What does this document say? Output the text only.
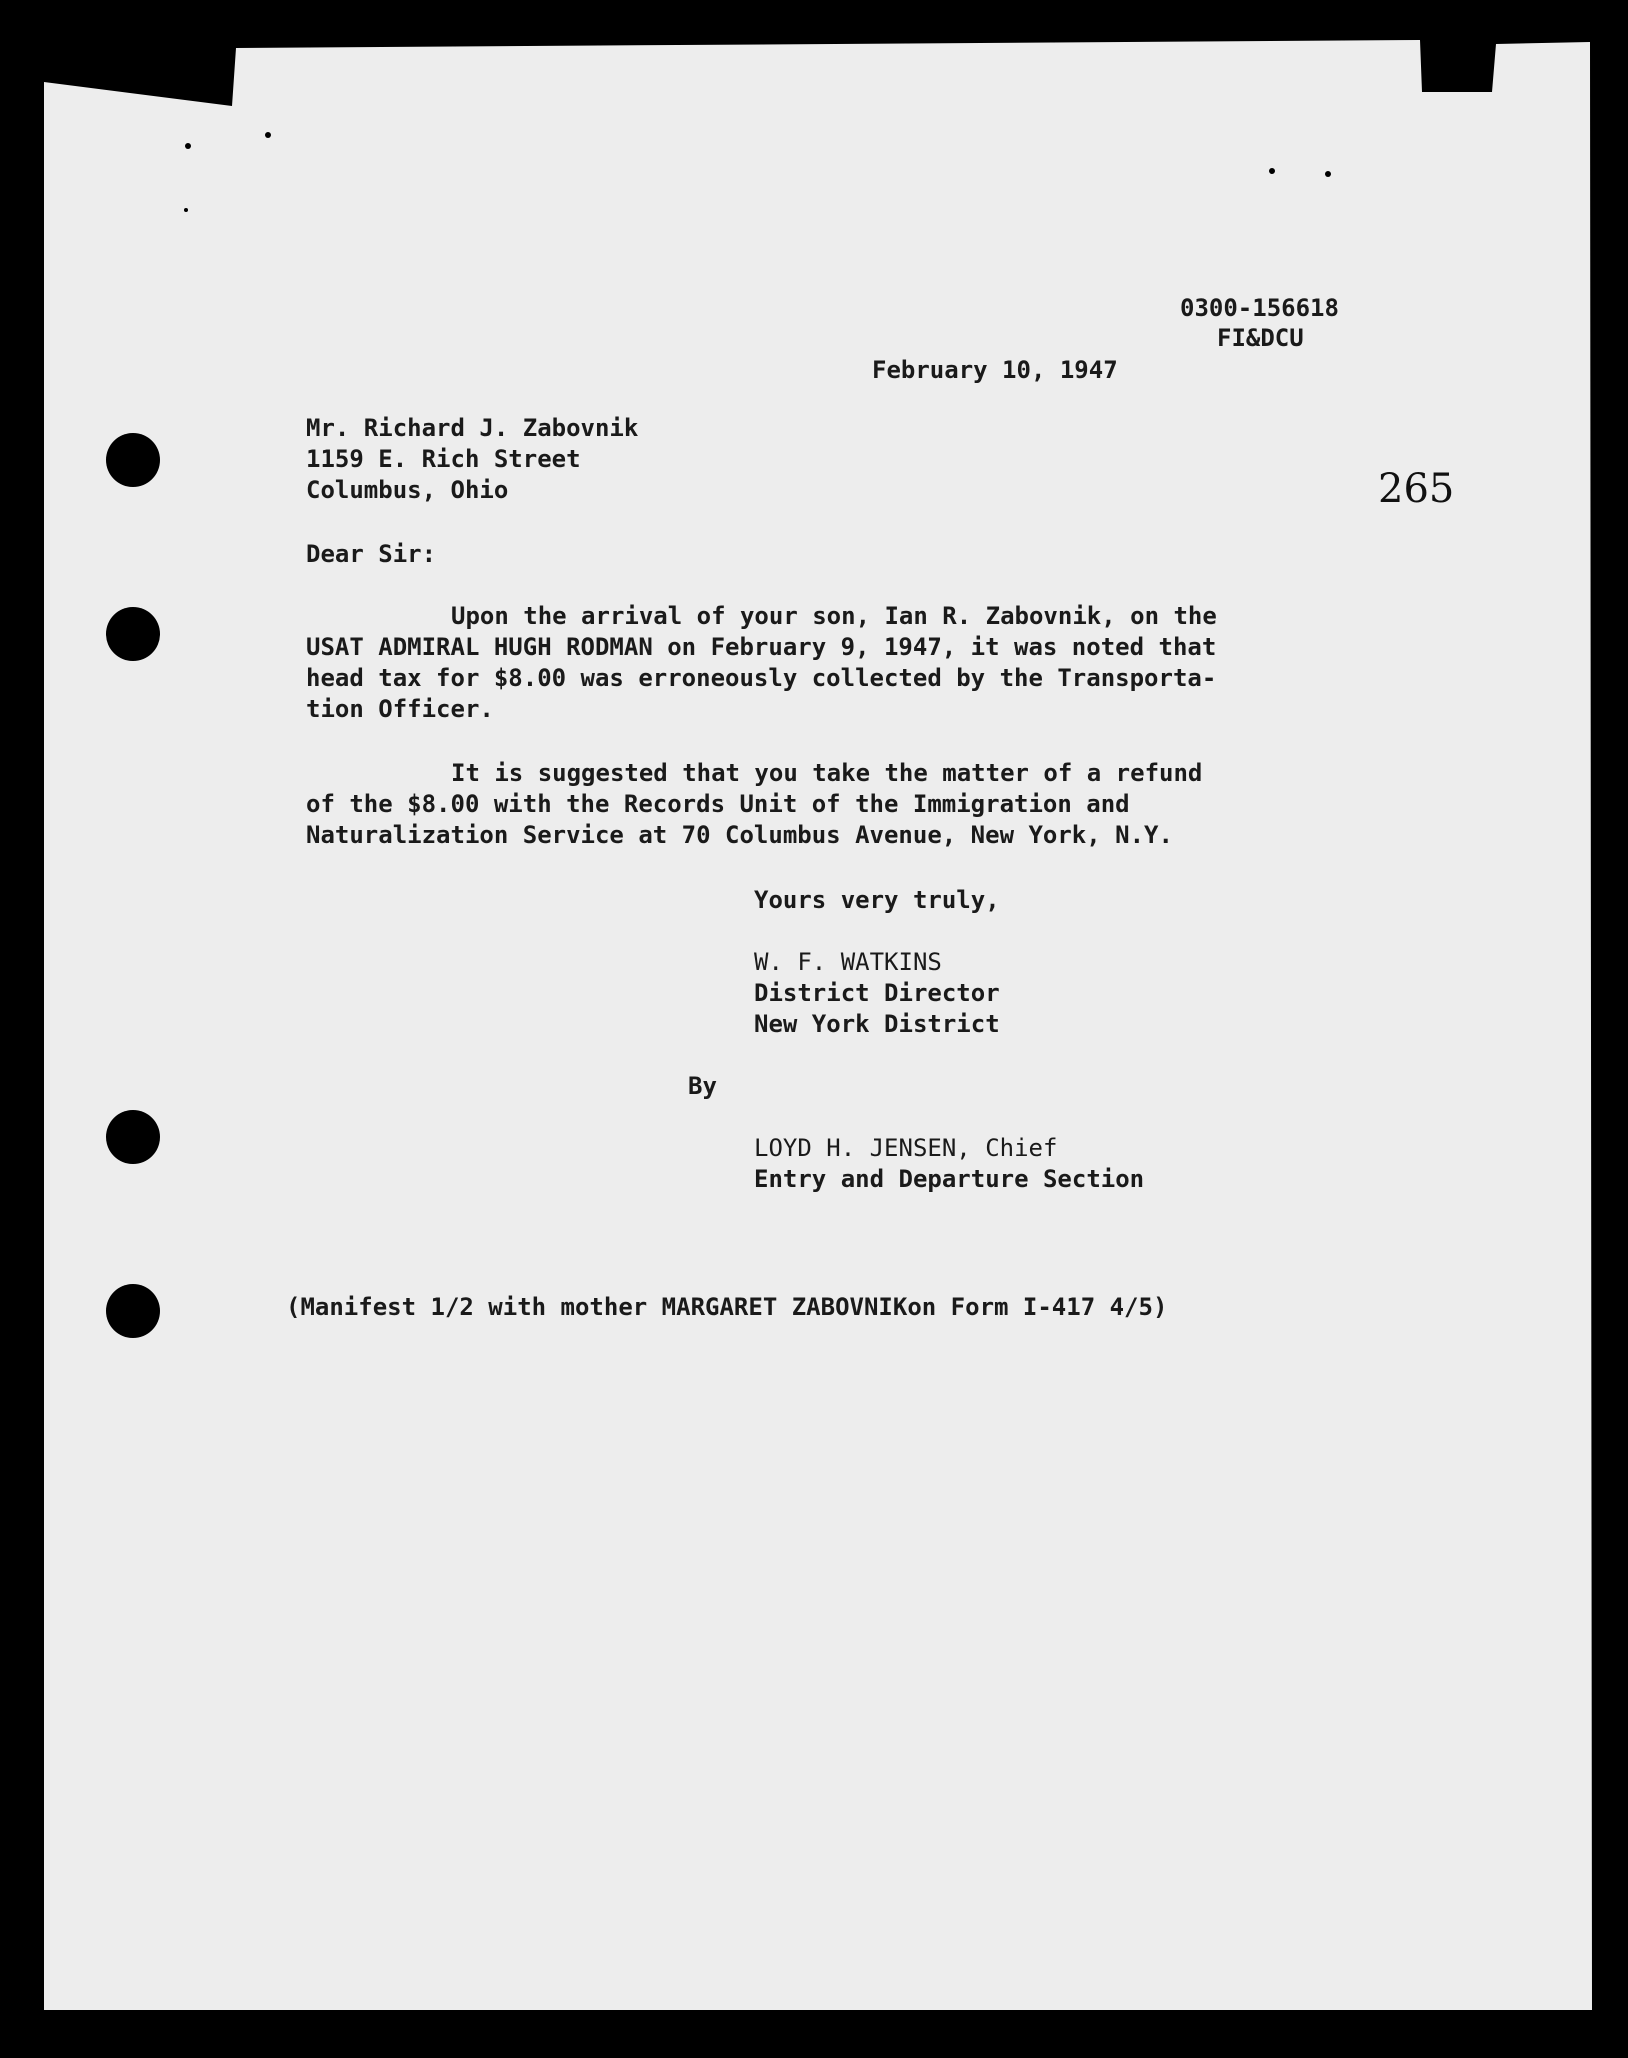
0300-156618

FI&DCU

February 10, 1947

265

Mr. Richard J. Zabovnik

1159 E. Rich Street

Columbus, Ohio

Dear Sir:

Upon the arrival of your son, Ian R. Zabovnik, on the

USAT ADMIRAL HUGH RODMAN on February 9, 1947, it was noted that

head tax for $8.00 was erroneously collected by the Transporta-

tion Officer.

It is suggested that you take the matter of a refund

of the $8.00 with the Records Unit of the Immigration and

Naturalization Service at 70 Columbus Avenue, New York, N.Y.

Yours very truly,

W. F. WATKINS

District Director

New York District

By

LOYD H. JENSEN, Chief

Entry and Departure Section

(Manifest 1/2 with mother MARGARET ZABOVNIKon Form I-417 4/5)
